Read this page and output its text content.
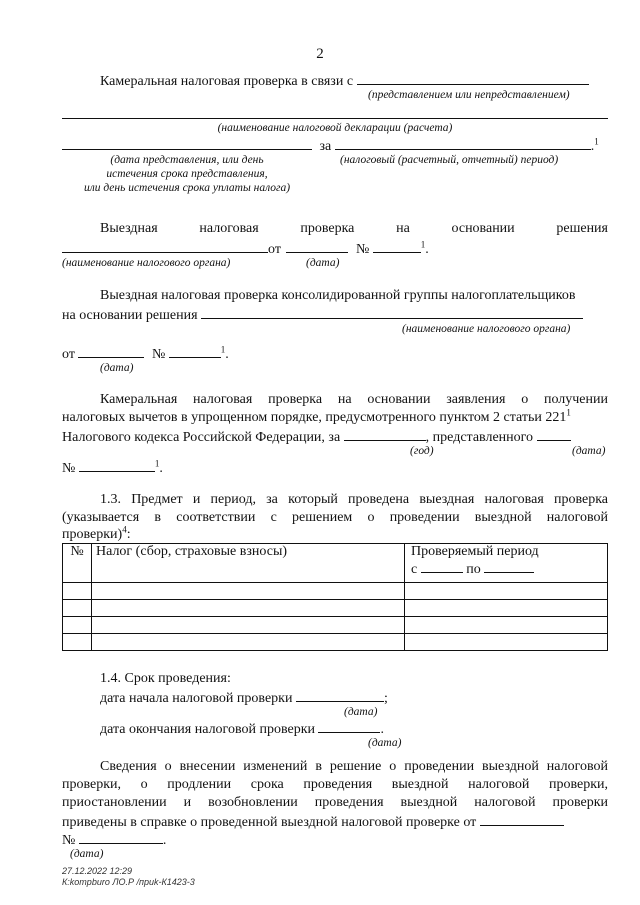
2
Камеральная налоговая проверка в связи с
(представлением или непредставлением)
(наименование налоговой декларации (расчета)
за	.$^1$
(дата представления, или день
истечения срока представления,
или день истечения срока уплаты налога)
(налоговый (расчетный, отчетный) период)
Выездная	налоговая	проверка	на	основании	решения
от	№	$^1$.
(наименование налогового органа)	(дата)
Выездная налоговая проверка консолидированной группы налогоплательщиков
на основании решения
(наименование налогового органа)
от	№	$^1$.
(дата)
Камеральная налоговая проверка на основании заявления о получении
налоговых вычетов в упрощенном порядке, предусмотренного пунктом 2 статьи $221^1$
Налогового кодекса Российской Федерации, за	, представленного
(год)	(дата)
№	$^1$.
1.3. Предмет и период, за который проведена выездная налоговая проверка
(указывается в соответствии с решением о проведении выездной налоговой
проверки)$^4$:
№	Налог (сбор, страховые взносы)	Проверяемый период
с по

1.4. Срок проведения:
дата начала налоговой проверки	;
(дата)
дата окончания налоговой проверки	.
(дата)
Сведения о внесении изменений в решение о проведении выездной налоговой
проверки, о продлении срока проведения выездной налоговой проверки,
приостановлении и возобновлении проведения выездной налоговой проверки
приведены в справке о проведенной выездной налоговой проверке от
№	.
(дата)
27.12.2022 12:29
К:kompburo ЛО.Р /приk-К1423-3
